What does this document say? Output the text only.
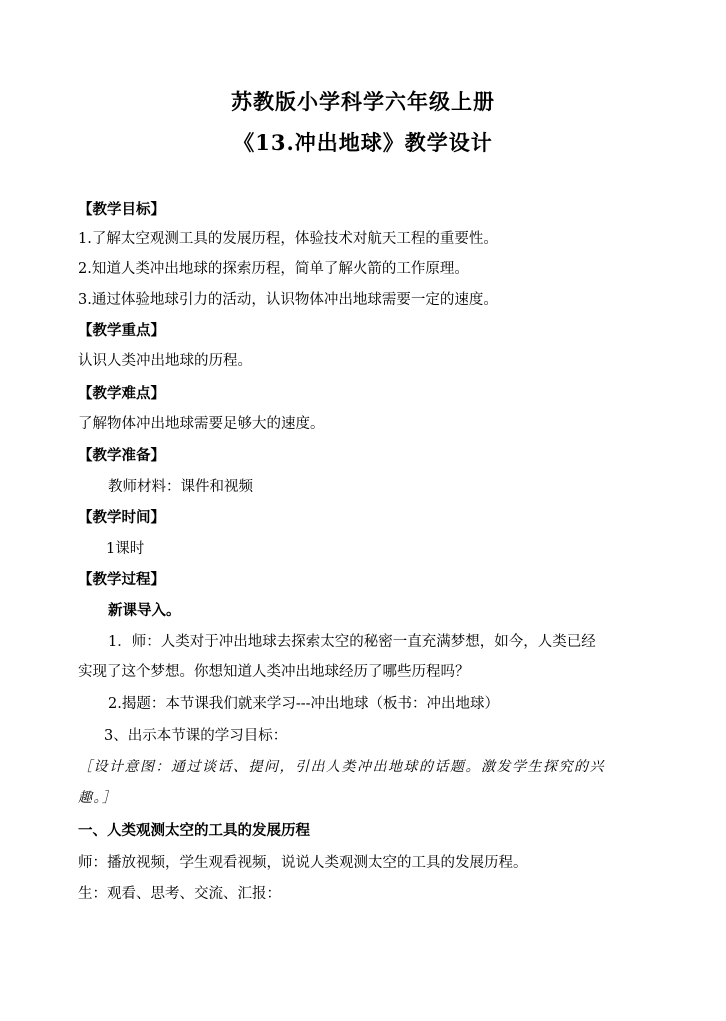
苏教版小学科学六年级上册
《13.冲出地球》教学设计
【教学目标】
1.了解太空观测工具的发展历程，体验技术对航天工程的重要性。
2.知道人类冲出地球的探索历程，简单了解火箭的工作原理。
3.通过体验地球引力的活动，认识物体冲出地球需要一定的速度。
【教学重点】
认识人类冲出地球的历程。
【教学难点】
了解物体冲出地球需要足够大的速度。
【教学准备】
教师材料：课件和视频
【教学时间】
1课时
【教学过程】
新课导入。
1．师：人类对于冲出地球去探索太空的秘密一直充满梦想，如今，人类已经
实现了这个梦想。你想知道人类冲出地球经历了哪些历程吗？
2.揭题：本节课我们就来学习---冲出地球（板书：冲出地球）
3、出示本节课的学习目标：
［设计意图：通过谈话、提问，引出人类冲出地球的话题。激发学生探究的兴
趣。］
一、人类观测太空的工具的发展历程
师：播放视频，学生观看视频，说说人类观测太空的工具的发展历程。
生：观看、思考、交流、汇报：
